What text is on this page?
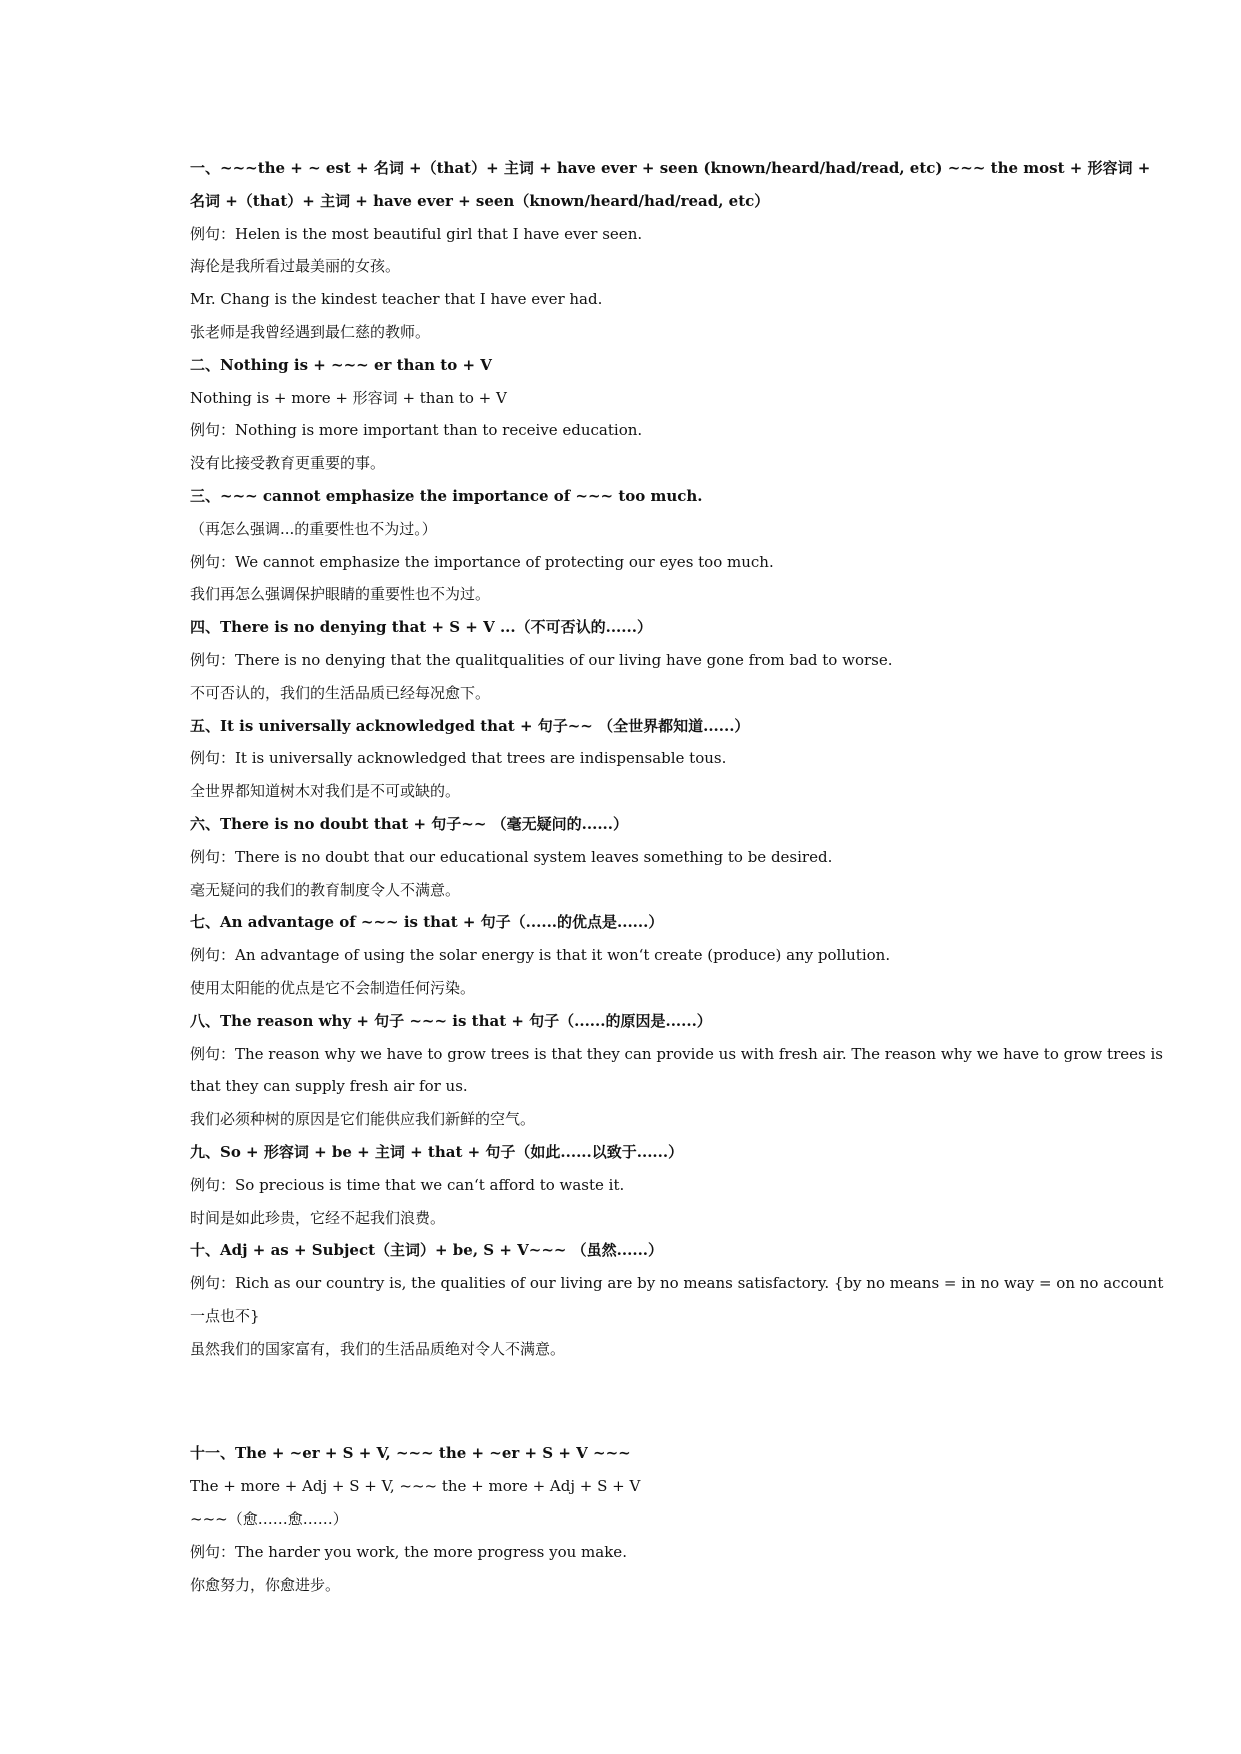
一、~~~the + ~ est + 名词 +（that）+ 主词 + have ever + seen (known/heard/had/read, etc) ~~~ the most + 形容词 +
名词 +（that）+ 主词 + have ever + seen（known/heard/had/read, etc）
例句：Helen is the most beautiful girl that I have ever seen.
海伦是我所看过最美丽的女孩。
Mr. Chang is the kindest teacher that I have ever had.
张老师是我曾经遇到最仁慈的教师。
二、Nothing is + ~~~ er than to + V
Nothing is + more + 形容词 + than to + V
例句：Nothing is more important than to receive education.
没有比接受教育更重要的事。
三、~~~ cannot emphasize the importance of ~~~ too much.
（再怎么强调...的重要性也不为过。）
例句：We cannot emphasize the importance of protecting our eyes too much.
我们再怎么强调保护眼睛的重要性也不为过。
四、There is no denying that + S + V ...（不可否认的......）
例句：There is no denying that the qualitqualities of our living have gone from bad to worse.
不可否认的，我们的生活品质已经每况愈下。
五、It is universally acknowledged that + 句子~~ （全世界都知道......）
例句：It is universally acknowledged that trees are indispensable tous.
全世界都知道树木对我们是不可或缺的。
六、There is no doubt that + 句子~~ （毫无疑问的......）
例句：There is no doubt that our educational system leaves something to be desired.
毫无疑问的我们的教育制度令人不满意。
七、An advantage of ~~~ is that + 句子（......的优点是......）
例句：An advantage of using the solar energy is that it won‘t create (produce) any pollution.
使用太阳能的优点是它不会制造任何污染。
八、The reason why + 句子 ~~~ is that + 句子（......的原因是......）
例句：The reason why we have to grow trees is that they can provide us with fresh air. The reason why we have to grow trees is
that they can supply fresh air for us.
我们必须种树的原因是它们能供应我们新鲜的空气。
九、So + 形容词 + be + 主词 + that + 句子（如此......以致于......）
例句：So precious is time that we can‘t afford to waste it.
时间是如此珍贵，它经不起我们浪费。
十、Adj + as + Subject（主词）+ be, S + V~~~ （虽然......）
例句：Rich as our country is, the qualities of our living are by no means satisfactory. {by no means = in no way = on no account
一点也不}
虽然我们的国家富有，我们的生活品质绝对令人不满意。
十一、The + ~er + S + V, ~~~ the + ~er + S + V ~~~
The + more + Adj + S + V, ~~~ the + more + Adj + S + V
~~~（愈……愈……）
例句：The harder you work, the more progress you make.
你愈努力，你愈进步。
